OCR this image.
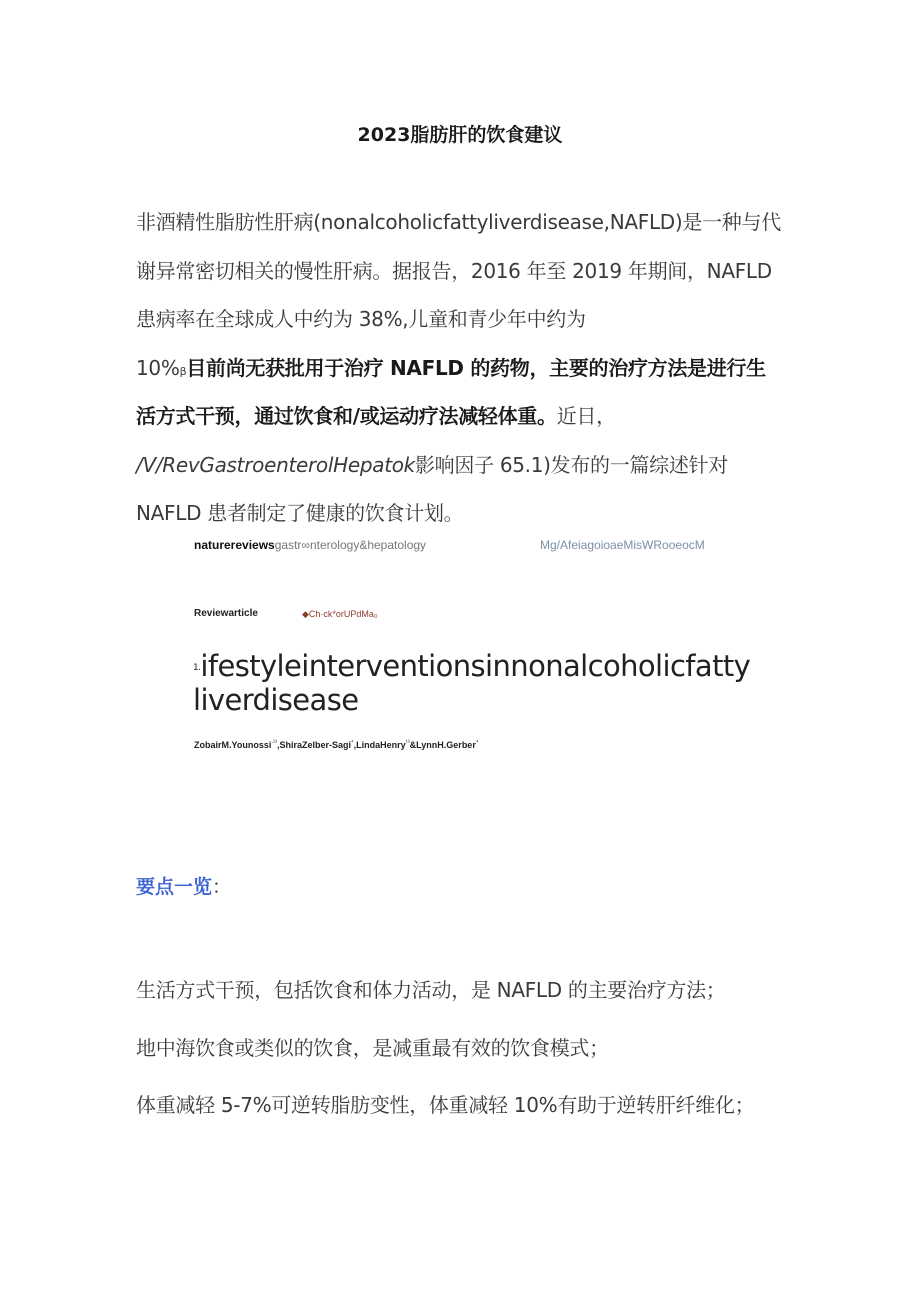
2023脂肪肝的饮食建议
非酒精性脂肪性肝病(nonalcoholicfattyliverdisease,NAFLD)是一种与代
谢异常密切相关的慢性肝病。据报告，2016 年至 2019 年期间，NAFLD
患病率在全球成人中约为 38%,儿童和青少年中约为
10%β目前尚无获批用于治疗 NAFLD 的药物，主要的治疗方法是进行生
活方式干预，通过饮食和/或运动疗法减轻体重。近日，
/V/RevGastroenterolHepatok影响因子 65.1)发布的一篇综述针对
NAFLD 患者制定了健康的饮食计划。
naturereviewsgastr∞nterology&hepatology	Mg/AfeiagoioaeMisWRooeocM
Reviewarticle	◆Ch·ck*orUPdMa₀
1.ifestyleinterventionsinnonalcoholicfatty
liverdisease
ZobairM.Younossi$^{\cdot^{13}}$,ShiraZelber-Sagi$^{^4}$,LindaHenry$^{^{13}}$&LynnH.Gerber$^{^4}$
要点一览：
生活方式干预，包括饮食和体力活动，是 NAFLD 的主要治疗方法；
地中海饮食或类似的饮食，是减重最有效的饮食模式；
体重减轻 5-7%可逆转脂肪变性，体重减轻 10%有助于逆转肝纤维化；
